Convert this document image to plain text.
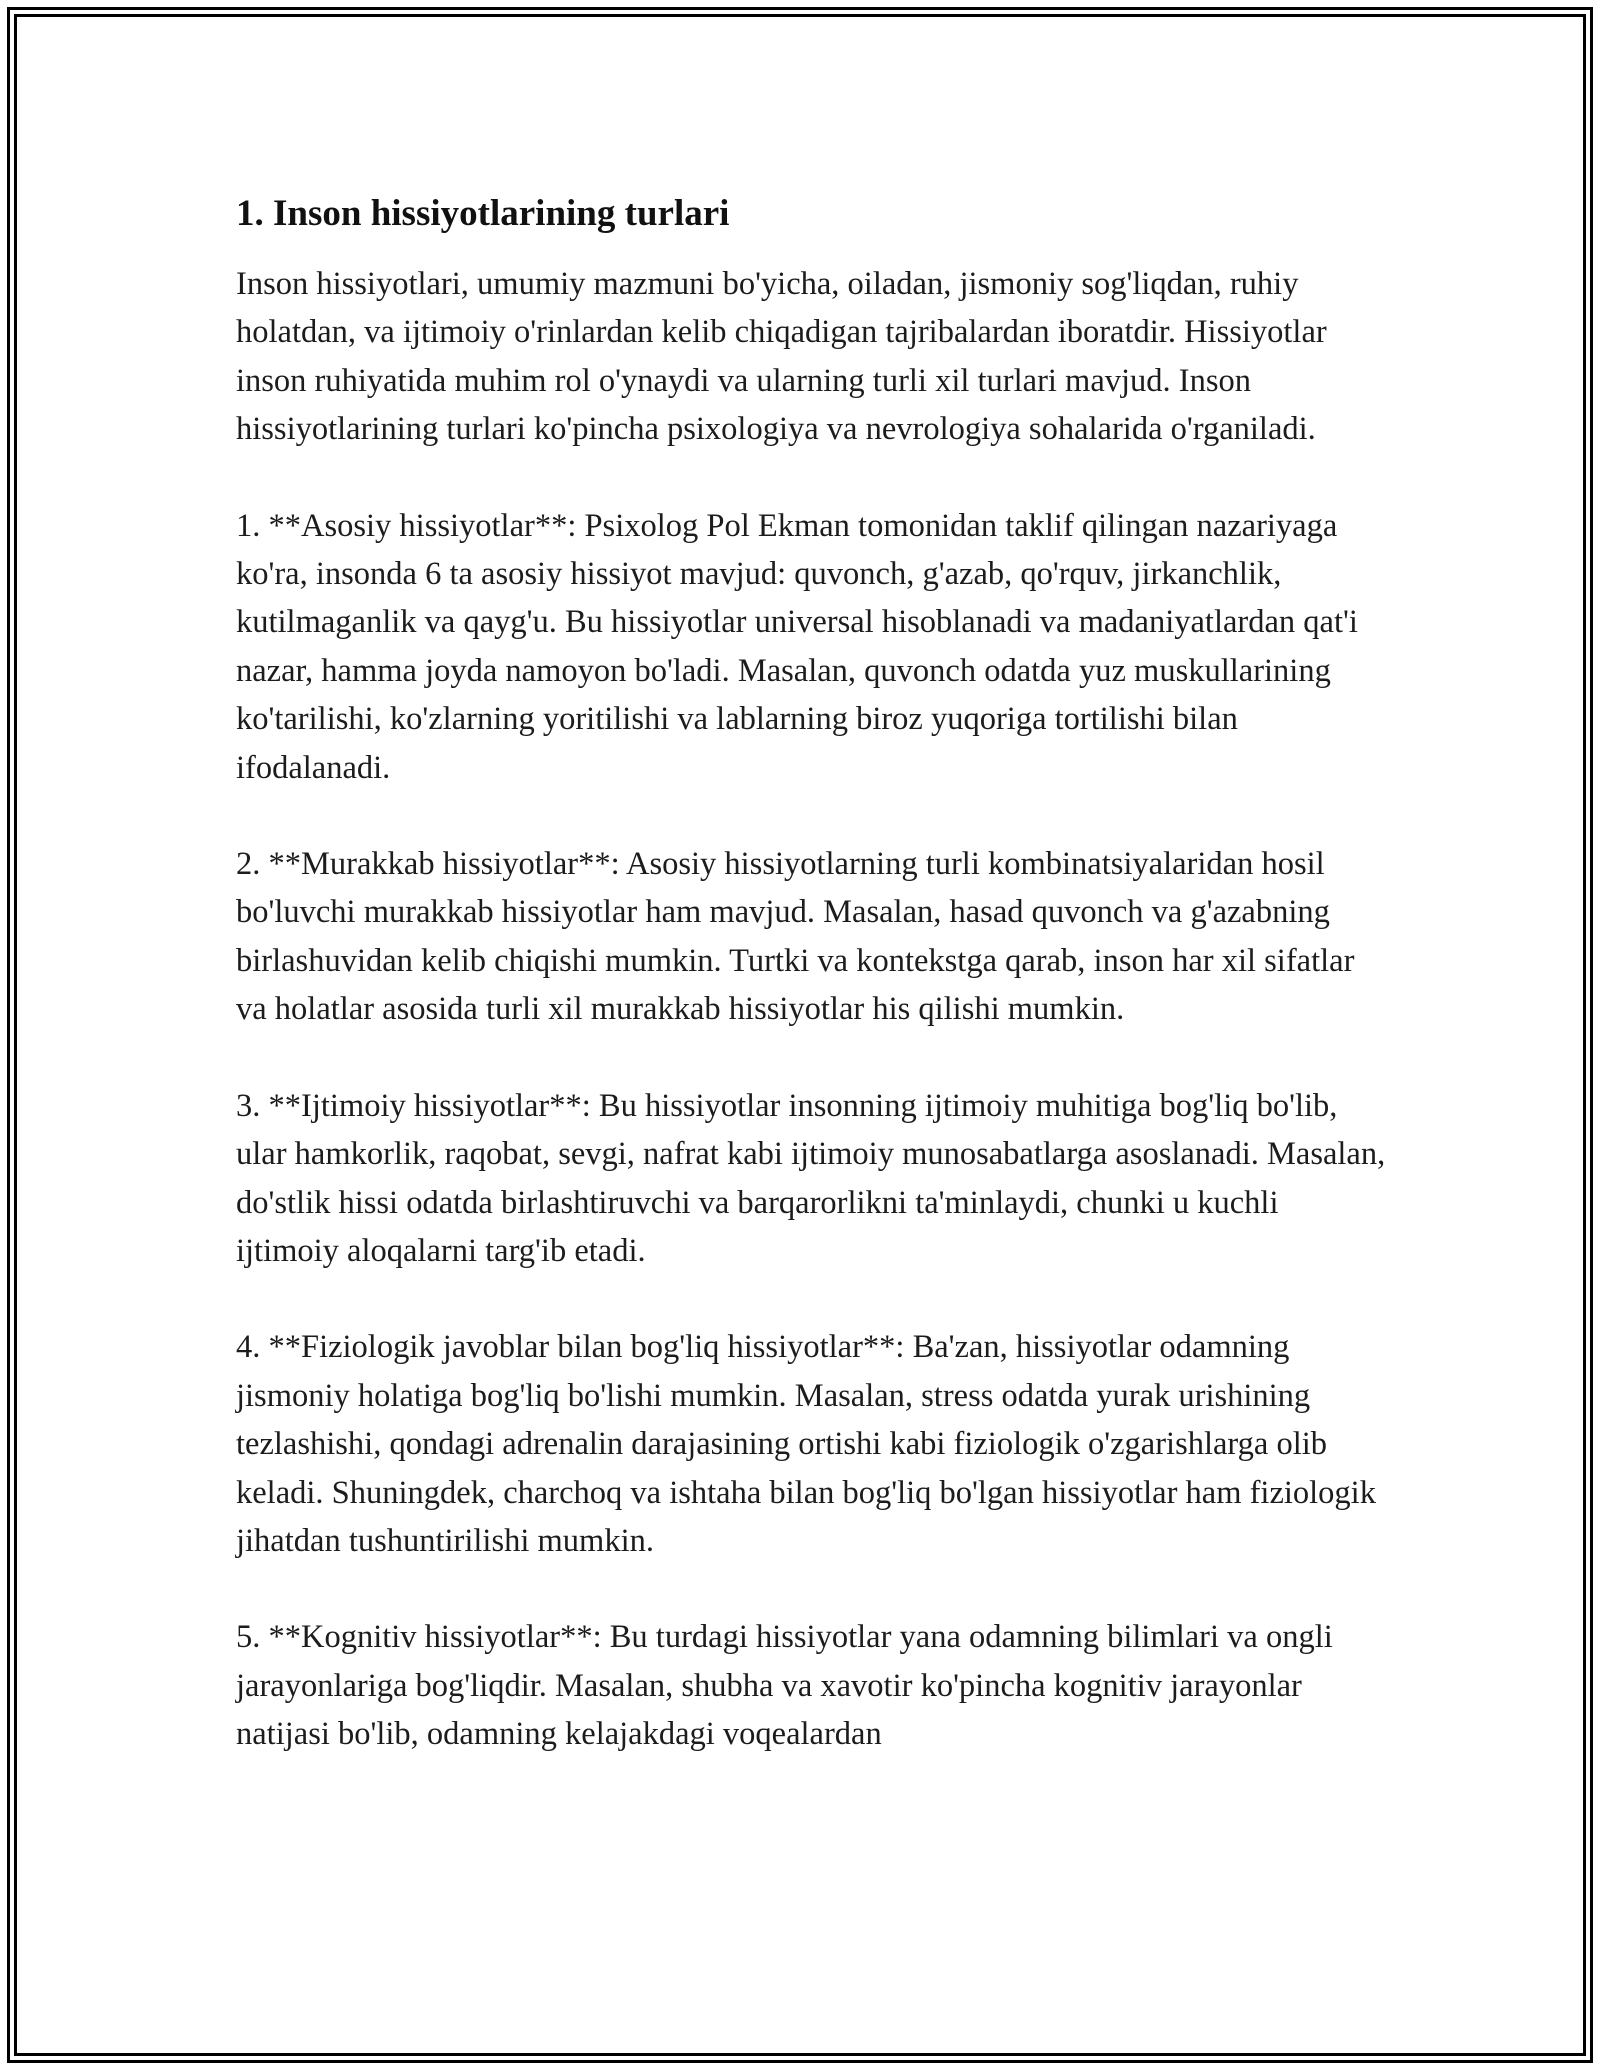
1. Inson hissiyotlarining turlari

Inson hissiyotlari, umumiy mazmuni bo'yicha, oiladan, jismoniy sog'liqdan, ruhiy holatdan, va ijtimoiy o'rinlardan kelib chiqadigan tajribalardan iboratdir. Hissiyotlar inson ruhiyatida muhim rol o'ynaydi va ularning turli xil turlari mavjud. Inson hissiyotlarining turlari ko'pincha psixologiya va nevrologiya sohalarida o'rganiladi.

1. **Asosiy hissiyotlar**: Psixolog Pol Ekman tomonidan taklif qilingan nazariyaga ko'ra, insonda 6 ta asosiy hissiyot mavjud: quvonch, g'azab, qo'rquv, jirkanchlik, kutilmaganlik va qayg'u. Bu hissiyotlar universal hisoblanadi va madaniyatlardan qat'i nazar, hamma joyda namoyon bo'ladi. Masalan, quvonch odatda yuz muskullarining ko'tarilishi, ko'zlarning yoritilishi va lablarning biroz yuqoriga tortilishi bilan ifodalanadi.

2. **Murakkab hissiyotlar**: Asosiy hissiyotlarning turli kombinatsiyalaridan hosil bo'luvchi murakkab hissiyotlar ham mavjud. Masalan, hasad quvonch va g'azabning birlashuvidan kelib chiqishi mumkin. Turtki va kontekstga qarab, inson har xil sifatlar va holatlar asosida turli xil murakkab hissiyotlar his qilishi mumkin.

3. **Ijtimoiy hissiyotlar**: Bu hissiyotlar insonning ijtimoiy muhitiga bog'liq bo'lib, ular hamkorlik, raqobat, sevgi, nafrat kabi ijtimoiy munosabatlarga asoslanadi. Masalan, do'stlik hissi odatda birlashtiruvchi va barqarorlikni ta'minlaydi, chunki u kuchli ijtimoiy aloqalarni targ'ib etadi.

4. **Fiziologik javoblar bilan bog'liq hissiyotlar**: Ba'zan, hissiyotlar odamning jismoniy holatiga bog'liq bo'lishi mumkin. Masalan, stress odatda yurak urishining tezlashishi, qondagi adrenalin darajasining ortishi kabi fiziologik o'zgarishlarga olib keladi. Shuningdek, charchoq va ishtaha bilan bog'liq bo'lgan hissiyotlar ham fiziologik jihatdan tushuntirilishi mumkin.

5. **Kognitiv hissiyotlar**: Bu turdagi hissiyotlar yana odamning bilimlari va ongli jarayonlariga bog'liqdir. Masalan, shubha va xavotir ko'pincha kognitiv jarayonlar natijasi bo'lib, odamning kelajakdagi voqealardan
